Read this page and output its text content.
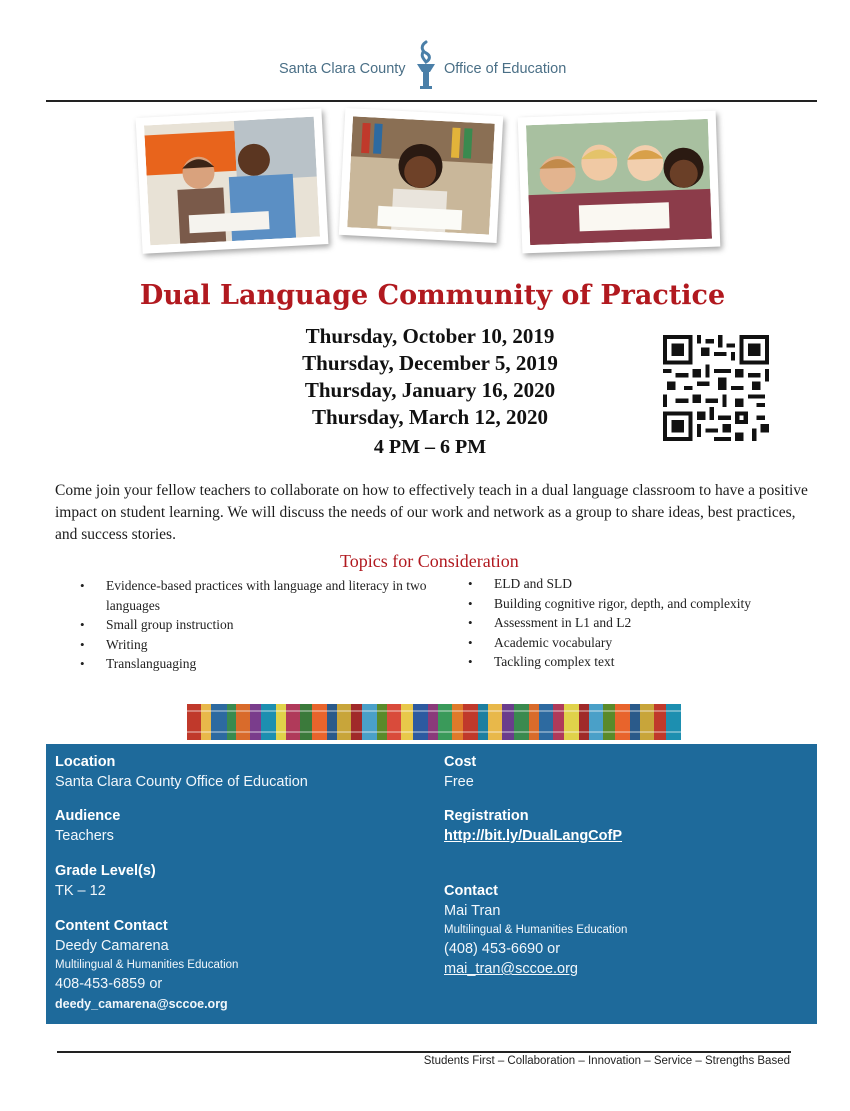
Santa Clara County	Office of Education
Dual Language Community of Practice
Thursday, October 10, 2019
Thursday, December 5, 2019
Thursday, January 16, 2020
Thursday, March 12, 2020
4 PM – 6 PM
Come join your fellow teachers to collaborate on how to effectively teach in a dual language classroom to have a positive impact on student learning. We will discuss the needs of our work and network as a group to share ideas, best practices, and success stories.
Topics for Consideration
• Evidence-based practices with language and literacy in two languages
• Small group instruction
• Writing
• Translanguaging
• ELD and SLD
• Building cognitive rigor, depth, and complexity
• Assessment in L1 and L2
• Academic vocabulary
• Tackling complex text

Location

Santa Clara County Office of Education

Audience

Teachers

Grade Level(s)

TK – 12

Content Contact

Deedy Camarena

Multilingual & Humanities Education

408-453-6859 or

deedy_camarena@sccoe.org

Cost

Free

Registration

http://bit.ly/DualLangCofP

Contact

Mai Tran

Multilingual & Humanities Education

(408) 453-6690 or

mai_tran@sccoe.org

Students First – Collaboration – Innovation – Service – Strengths Based
